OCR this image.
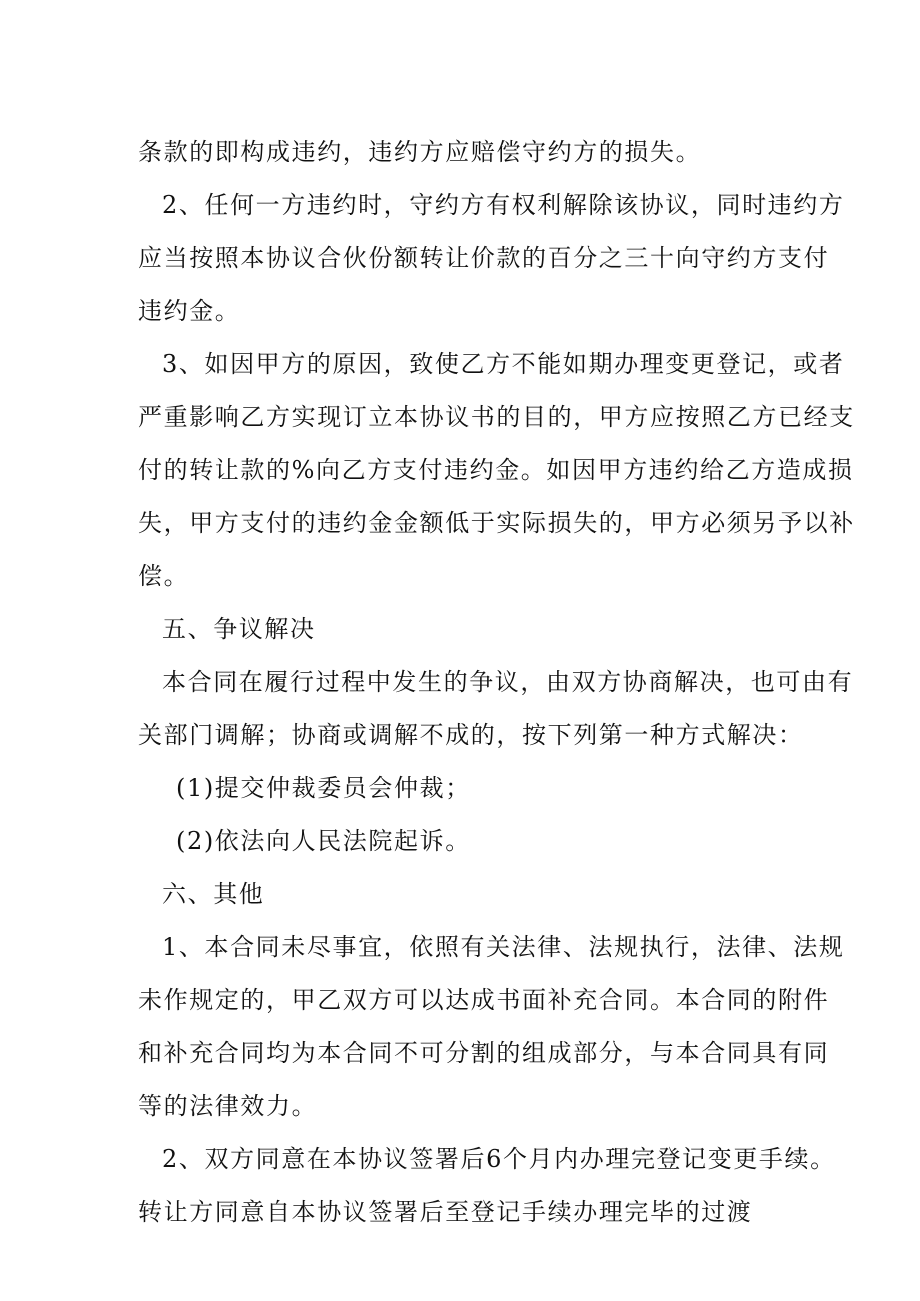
条款的即构成违约，违约方应赔偿守约方的损失。
2、任何一方违约时，守约方有权利解除该协议，同时违约方
应当按照本协议合伙份额转让价款的百分之三十向守约方支付
违约金。
3、如因甲方的原因，致使乙方不能如期办理变更登记，或者
严重影响乙方实现订立本协议书的目的，甲方应按照乙方已经支
付的转让款的%向乙方支付违约金。如因甲方违约给乙方造成损
失，甲方支付的违约金金额低于实际损失的，甲方必须另予以补
偿。
五、争议解决
本合同在履行过程中发生的争议，由双方协商解决，也可由有
关部门调解；协商或调解不成的，按下列第一种方式解决：
(1)提交仲裁委员会仲裁；
(2)依法向人民法院起诉。
六、其他
1、本合同未尽事宜，依照有关法律、法规执行，法律、法规
未作规定的，甲乙双方可以达成书面补充合同。本合同的附件
和补充合同均为本合同不可分割的组成部分，与本合同具有同
等的法律效力。
2、双方同意在本协议签署后6个月内办理完登记变更手续。
转让方同意自本协议签署后至登记手续办理完毕的过渡
